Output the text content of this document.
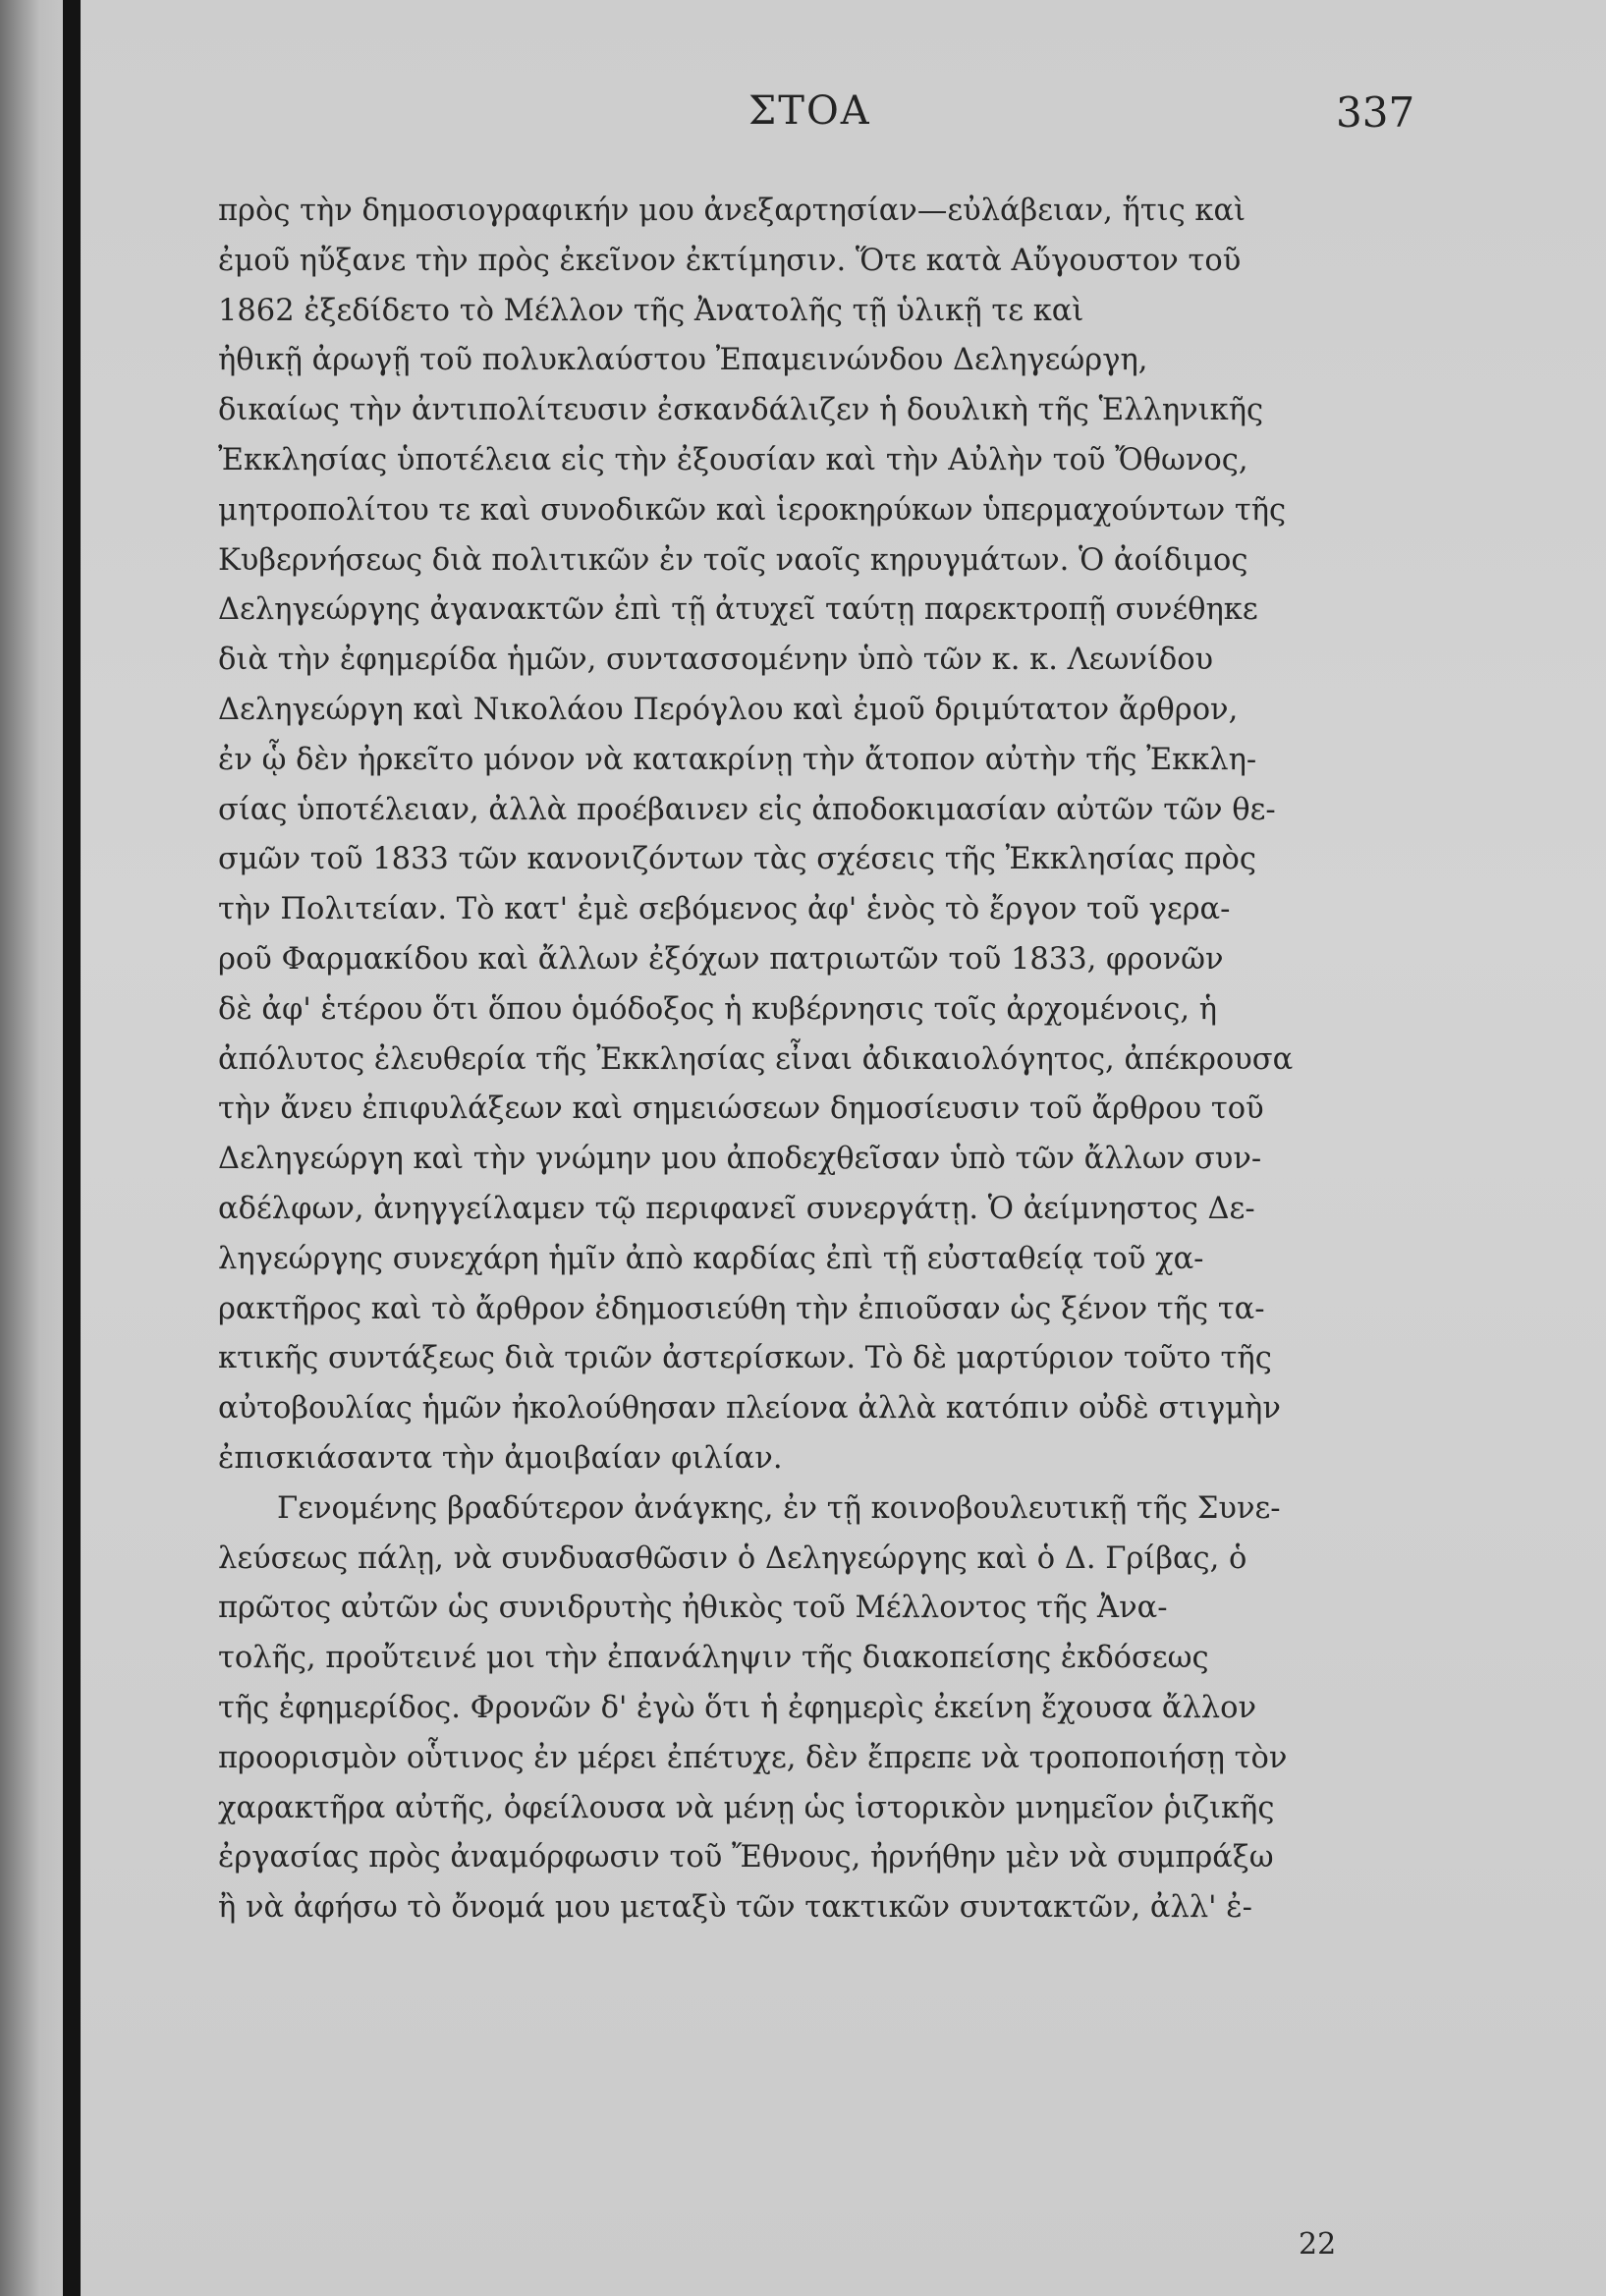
ΣΤΟΑ	337
πρὸς τὴν δημοσιογραφικήν μου ἀνεξαρτησίαν—εὐλάβειαν, ἥτις καὶ
ἐμοῦ ηὔξανε τὴν πρὸς ἐκεῖνον ἐκτίμησιν. Ὅτε κατὰ Αὔγουστον τοῦ
1862 ἐξεδίδετο τὸ Μέλλον τῆς Ἀνατολῆς τῇ ὑλικῇ τε καὶ
ἠθικῇ ἀρωγῇ τοῦ πολυκλαύστου Ἐπαμεινώνδου Δεληγεώργη,
δικαίως τὴν ἀντιπολίτευσιν ἐσκανδάλιζεν ἡ δουλικὴ τῆς Ἑλληνικῆς
Ἐκκλησίας ὑποτέλεια εἰς τὴν ἐξουσίαν καὶ τὴν Αὐλὴν τοῦ Ὄθωνος,
μητροπολίτου τε καὶ συνοδικῶν καὶ ἱεροκηρύκων ὑπερμαχούντων τῆς
Κυβερνήσεως διὰ πολιτικῶν ἐν τοῖς ναοῖς κηρυγμάτων. Ὁ ἀοίδιμος
Δεληγεώργης ἀγανακτῶν ἐπὶ τῇ ἀτυχεῖ ταύτῃ παρεκτροπῇ συνέθηκε
διὰ τὴν ἐφημερίδα ἡμῶν, συντασσομένην ὑπὸ τῶν κ. κ. Λεωνίδου
Δεληγεώργη καὶ Νικολάου Περόγλου καὶ ἐμοῦ δριμύτατον ἄρθρον,
ἐν ᾧ δὲν ἠρκεῖτο μόνον νὰ κατακρίνῃ τὴν ἄτοπον αὐτὴν τῆς Ἐκκλη-
σίας ὑποτέλειαν, ἀλλὰ προέβαινεν εἰς ἀποδοκιμασίαν αὐτῶν τῶν θε-
σμῶν τοῦ 1833 τῶν κανονιζόντων τὰς σχέσεις τῆς Ἐκκλησίας πρὸς
τὴν Πολιτείαν. Τὸ κατ' ἐμὲ σεβόμενος ἀφ' ἑνὸς τὸ ἔργον τοῦ γερα-
ροῦ Φαρμακίδου καὶ ἄλλων ἐξόχων πατριωτῶν τοῦ 1833, φρονῶν
δὲ ἀφ' ἑτέρου ὅτι ὅπου ὁμόδοξος ἡ κυβέρνησις τοῖς ἀρχομένοις, ἡ
ἀπόλυτος ἐλευθερία τῆς Ἐκκλησίας εἶναι ἀδικαιολόγητος, ἀπέκρουσα
τὴν ἄνευ ἐπιφυλάξεων καὶ σημειώσεων δημοσίευσιν τοῦ ἄρθρου τοῦ
Δεληγεώργη καὶ τὴν γνώμην μου ἀποδεχθεῖσαν ὑπὸ τῶν ἄλλων συν-
αδέλφων, ἀνηγγείλαμεν τῷ περιφανεῖ συνεργάτῃ. Ὁ ἀείμνηστος Δε-
ληγεώργης συνεχάρη ἡμῖν ἀπὸ καρδίας ἐπὶ τῇ εὐσταθείᾳ τοῦ χα-
ρακτῆρος καὶ τὸ ἄρθρον ἐδημοσιεύθη τὴν ἐπιοῦσαν ὡς ξένον τῆς τα-
κτικῆς συντάξεως διὰ τριῶν ἀστερίσκων. Τὸ δὲ μαρτύριον τοῦτο τῆς
αὐτοβουλίας ἡμῶν ἠκολούθησαν πλείονα ἀλλὰ κατόπιν οὐδὲ στιγμὴν
ἐπισκιάσαντα τὴν ἀμοιβαίαν φιλίαν.
Γενομένης βραδύτερον ἀνάγκης, ἐν τῇ κοινοβουλευτικῇ τῆς Συνε-
λεύσεως πάλῃ, νὰ συνδυασθῶσιν ὁ Δεληγεώργης καὶ ὁ Δ. Γρίβας, ὁ
πρῶτος αὐτῶν ὡς συνιδρυτὴς ἠθικὸς τοῦ Μέλλοντος τῆς Ἀνα-
τολῆς, προὔτεινέ μοι τὴν ἐπανάληψιν τῆς διακοπείσης ἐκδόσεως
τῆς ἐφημερίδος. Φρονῶν δ' ἐγὼ ὅτι ἡ ἐφημερὶς ἐκείνη ἔχουσα ἄλλον
προορισμὸν οὗτινος ἐν μέρει ἐπέτυχε, δὲν ἔπρεπε νὰ τροποποιήσῃ τὸν
χαρακτῆρα αὐτῆς, ὀφείλουσα νὰ μένῃ ὡς ἱστορικὸν μνημεῖον ῥιζικῆς
ἐργασίας πρὸς ἀναμόρφωσιν τοῦ Ἔθνους, ἠρνήθην μὲν νὰ συμπράξω
ἢ νὰ ἀφήσω τὸ ὄνομά μου μεταξὺ τῶν τακτικῶν συντακτῶν, ἀλλ' ἐ-
22
